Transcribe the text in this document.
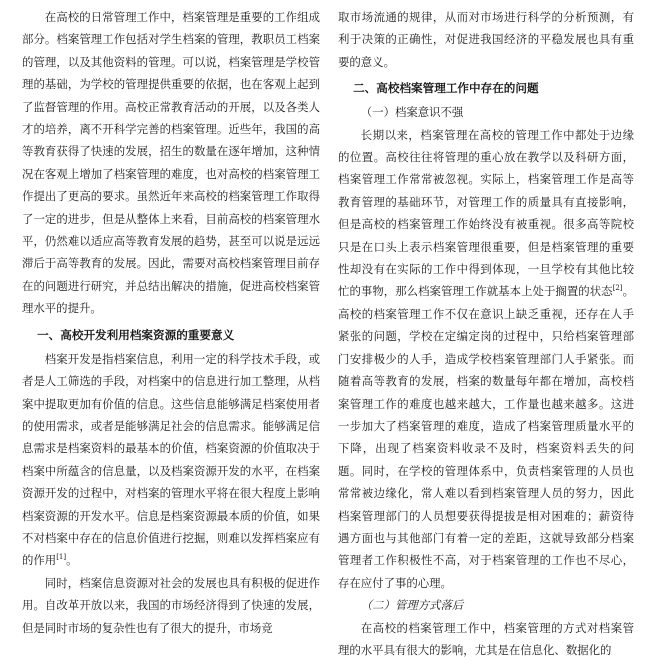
在高校的日常管理工作中，档案管理是重要的工作组成部分。档案管理工作包括对学生档案的管理，教职员工档案的管理，以及其他资料的管理。可以说，档案管理是学校管理的基础，为学校的管理提供重要的依据，也在客观上起到了监督管理的作用。高校正常教育活动的开展，以及各类人才的培养，离不开科学完善的档案管理。近些年，我国的高等教育获得了快速的发展，招生的数量在逐年增加，这种情况在客观上增加了档案管理的难度，也对高校的档案管理工作提出了更高的要求。虽然近年来高校的档案管理工作取得了一定的进步，但是从整体上来看，目前高校的档案管理水平，仍然难以适应高等教育发展的趋势，甚至可以说是远远滞后于高等教育的发展。因此，需要对高校档案管理目前存在的问题进行研究，并总结出解决的措施，促进高校档案管理水平的提升。

一、高校开发利用档案资源的重要意义

档案开发是指档案信息，利用一定的科学技术手段，或者是人工筛选的手段，对档案中的信息进行加工整理，从档案中提取更加有价值的信息。这些信息能够满足档案使用者的使用需求，或者是能够满足社会的信息需求。能够满足信息需求是档案资料的最基本的价值，档案资源的价值取决于档案中所蕴含的信息量，以及档案资源开发的水平，在档案资源开发的过程中，对档案的管理水平将在很大程度上影响档案资源的开发水平。信息是档案资源最本质的价值，如果不对档案中存在的信息价值进行挖掘，则难以发挥档案应有的作用[1]。

同时，档案信息资源对社会的发展也具有积极的促进作用。自改革开放以来，我国的市场经济得到了快速的发展，但是同时市场的复杂性也有了很大的提升，市场竞

取市场流通的规律，从而对市场进行科学的分析预测，有利于决策的正确性，对促进我国经济的平稳发展也具有重要的意义。

二、高校档案管理工作中存在的问题
（一）档案意识不强

长期以来，档案管理在高校的管理工作中都处于边缘的位置。高校往往将管理的重心放在教学以及科研方面，档案管理工作常常被忽视。实际上，档案管理工作是高等教育管理的基础环节，对管理工作的质量具有直接影响，但是高校的档案管理工作始终没有被重视。很多高等院校只是在口头上表示档案管理很重要，但是档案管理的重要性却没有在实际的工作中得到体现，一旦学校有其他比较忙的事物，那么档案管理工作就基本上处于搁置的状态[2]。高校的档案管理工作不仅在意识上缺乏重视，还存在人手紧张的问题，学校在定编定岗的过程中，只给档案管理部门安排极少的人手，造成学校档案管理部门人手紧张。而随着高等教育的发展，档案的数量每年都在增加，高校档案管理工作的难度也越来越大，工作量也越来越多。这进一步加大了档案管理的难度，造成了档案管理质量水平的下降，出现了档案资料收录不及时，档案资料丢失的问题。同时，在学校的管理体系中，负责档案管理的人员也常常被边缘化，常人难以看到档案管理人员的努力，因此档案管理部门的人员想要获得提拔是相对困难的；薪资待遇方面也与其他部门有着一定的差距，这就导致部分档案管理者工作积极性不高，对于档案管理的工作也不尽心，存在应付了事的心理。

（二）管理方式落后

在高校的档案管理工作中，档案管理的方式对档案管理的水平具有很大的影响，尤其是在信息化、数据化的
